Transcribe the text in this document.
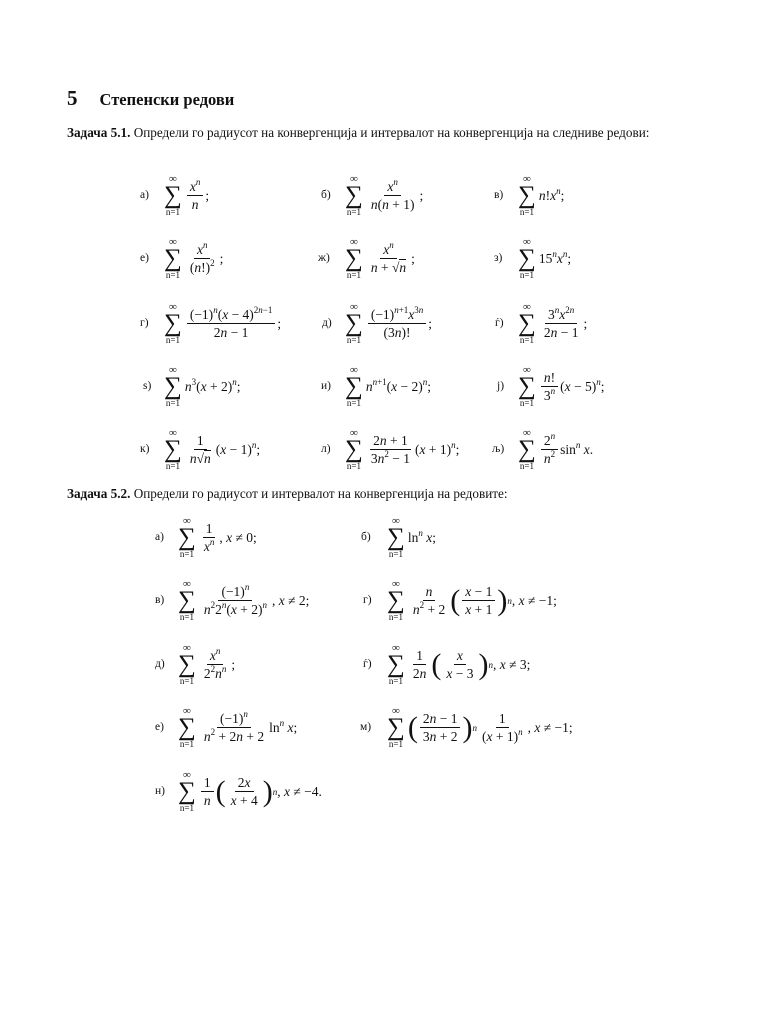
5 Степенски редови
Задача 5.1. Определи го радиусот на конвергенција и интервалот на конвергенција на следниве редови:
а)
∞
∑
n=1
$x^n$
n
;	б)
∞
∑
n=1
$x^n$
n(n + 1)
;	в)
∞
∑
n=1
$n!x^n$;
е)
∞
∑
n=1
$x^n$
$(n!)^2$ ;	ж)
∞
∑
n=1
$x^n$
n + √n
;	з)
∞
∑
n=1
$15^nx^n$;
г)
∞
∑
n=1
$(-1)^n(x - 4)^{2n-1}$
2n − 1
;	д)
∞
∑
n=1
$(-1)^{n+1}x^{3n}$
(3n)!
;	ѓ)
∞
∑
n=1
$3^nx^{2n}$
2n − 1
;
ѕ)
∞
∑
n=1
$n^3(x + 2)^n$;	и)
∞
∑
n=1
$n^{n+1}(x - 2)^n$;	ј)
∞
∑
n=1
n!
3$^n$ $(x - 5)^n$;
к)
∞
∑
n=1
1
n√n
$(x - 1)^n$;	л)
∞
∑
n=1
2n + 1
$3n^2 - 1$
$(x + 1)^n$;	љ)
∞
∑
n=1
2$^n$
$n^2$ $\sin^n x$.
Задача 5.2. Определи го радиусот и интервалот на конвергенција на редовите:
а)
∞
∑
n=1
1
$x^n$ , x ≠ 0;	б)
∞
∑
n=1
$\ln^n x$;
в)
∞
∑
n=1
$(-1)^n$
$n^22^n(x + 2)^n$ , x ≠ 2;	г)
∞
∑
n=1
n
$n^2 + 2$ ( x − 1
x + 1 ) n , x ≠ −1;
д)
∞
∑
n=1
$x^n$
$2^2n^n$ ;	ѓ)
∞
∑
n=1
1
2n ( x
x − 3 ) n , x ≠ 3;
е)
∞
∑
n=1
$(-1)^n$
$n^2 + 2n + 2$
$\ln^n x$;	м)
∞
∑
n=1
( 2n − 1
3n + 2 ) n
1
$(x + 1)^n$ , x ≠ −1;
н)
∞
∑
n=1
1
n ( 2x
x + 4 ) n , x ≠ −4.
